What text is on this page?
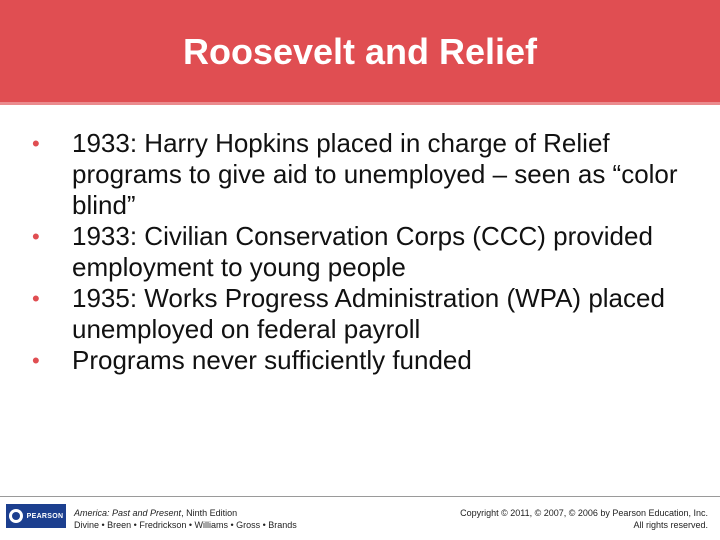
Roosevelt and Relief
• 1933: Harry Hopkins placed in charge of Relief programs to give aid to unemployed – seen as “color blind”
• 1933: Civilian Conservation Corps (CCC) provided employment to young people
• 1935: Works Progress Administration (WPA) placed unemployed on federal payroll
• Programs never sufficiently funded
PEARSON America: Past and Present, Ninth Edition
Divine • Breen • Fredrickson • Williams • Gross • Brands
Copyright © 2011, © 2007, © 2006 by Pearson Education, Inc.
All rights reserved.
